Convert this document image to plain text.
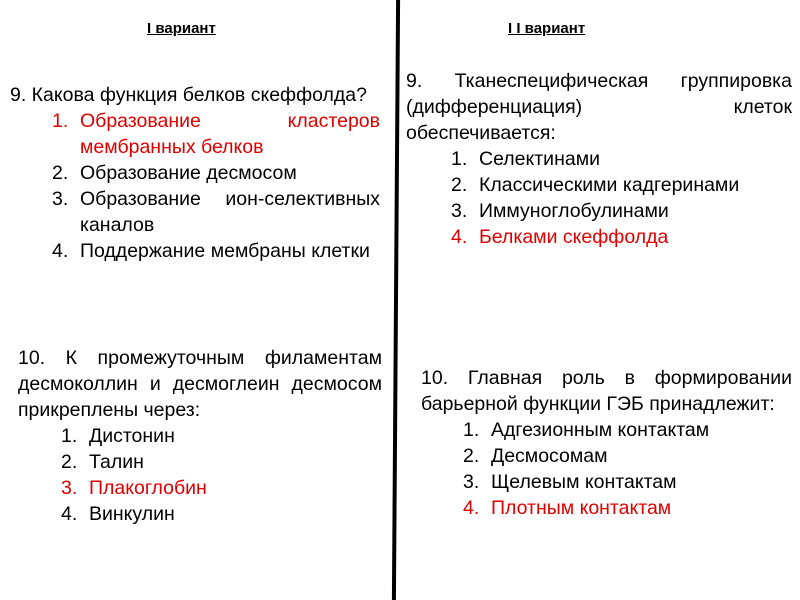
I вариант	I I вариант

9. Какова функция белков скеффолда?

1. Образование кластеров мембранных белков
2. Образование десмосом
3. Образование ион-селективных каналов
4. Поддержание мембраны клетки

10. К промежуточным филаментам десмоколлин и десмоглеин десмосом прикреплены через:

1. Дистонин
2. Талин
3. Плакоглобин
4. Винкулин

9. Тканеспецифическая группировка (дифференциация) клеток обеспечивается:

1. Селектинами
2. Классическими кадгеринами
3. Иммуноглобулинами
4. Белками скеффолда

10. Главная роль в формировании барьерной функции ГЭБ принадлежит:

1. Адгезионным контактам
2. Десмосомам
3. Щелевым контактам
4. Плотным контактам
